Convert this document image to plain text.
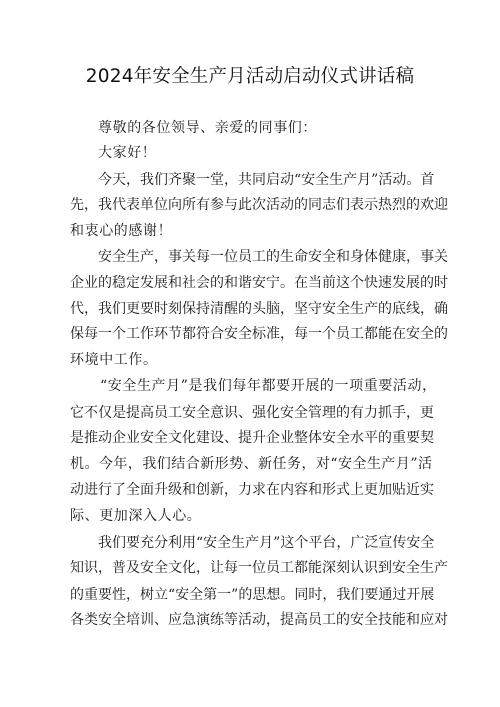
2024年安全生产月活动启动仪式讲话稿
尊敬的各位领导、亲爱的同事们：
大家好！
今天，我们齐聚一堂，共同启动“安全生产月”活动。首
先，我代表单位向所有参与此次活动的同志们表示热烈的欢迎
和衷心的感谢！
安全生产，事关每一位员工的生命安全和身体健康，事关
企业的稳定发展和社会的和谐安宁。在当前这个快速发展的时
代，我们更要时刻保持清醒的头脑，坚守安全生产的底线，确
保每一个工作环节都符合安全标准，每一个员工都能在安全的
环境中工作。
“安全生产月”是我们每年都要开展的一项重要活动，
它不仅是提高员工安全意识、强化安全管理的有力抓手，更
是推动企业安全文化建设、提升企业整体安全水平的重要契
机。今年，我们结合新形势、新任务，对“安全生产月”活
动进行了全面升级和创新，力求在内容和形式上更加贴近实
际、更加深入人心。
我们要充分利用“安全生产月”这个平台，广泛宣传安全
知识，普及安全文化，让每一位员工都能深刻认识到安全生产
的重要性，树立“安全第一”的思想。同时，我们要通过开展
各类安全培训、应急演练等活动，提高员工的安全技能和应对
